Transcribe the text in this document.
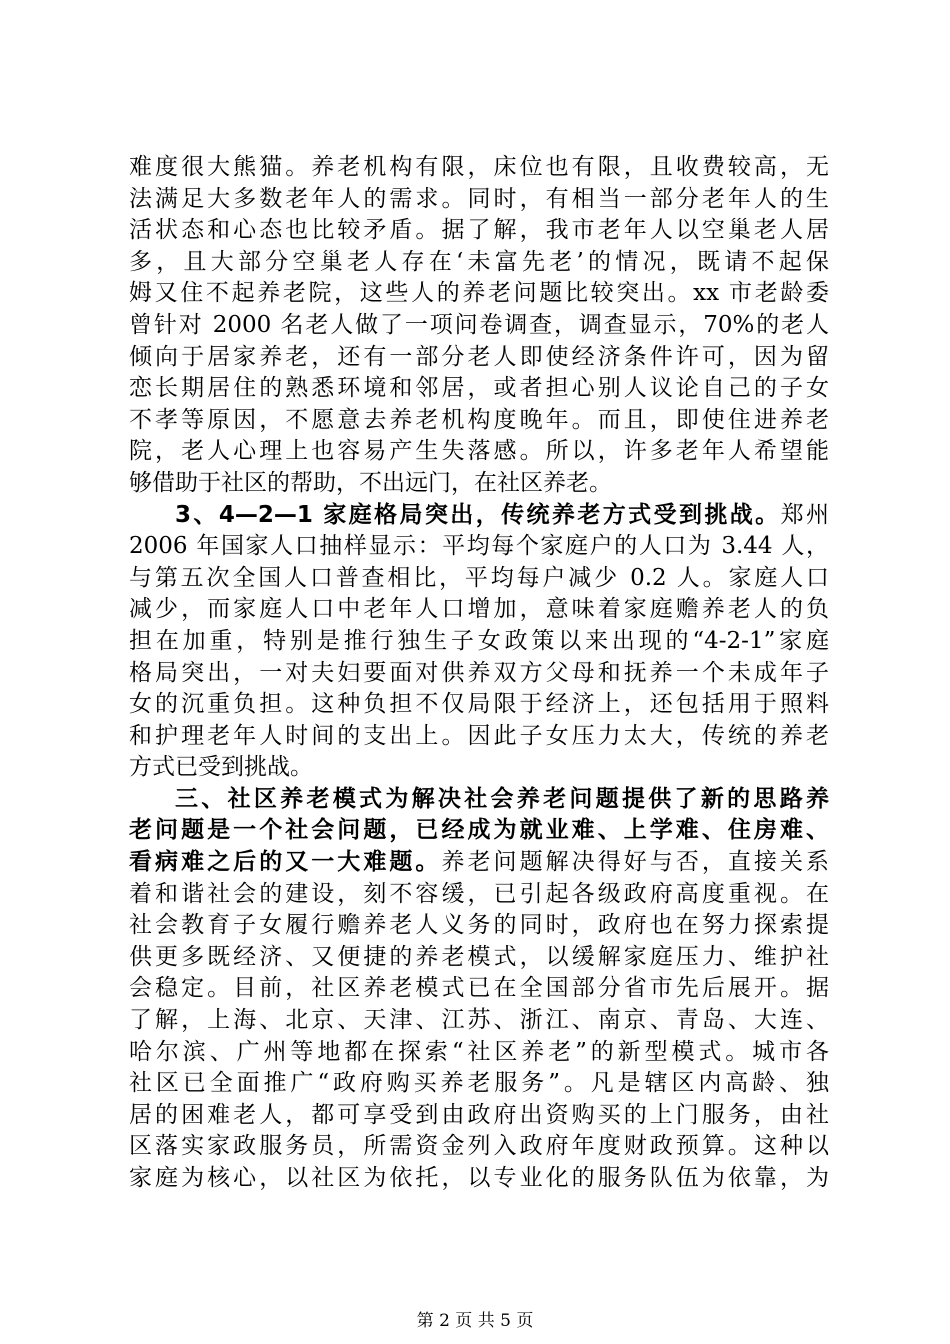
难度很大熊猫。养老机构有限，床位也有限，且收费较高，无
法满足大多数老年人的需求。同时，有相当一部分老年人的生
活状态和心态也比较矛盾。据了解，我市老年人以空巢老人居
多，且大部分空巢老人存在‘未富先老’的情况，既请不起保
姆又住不起养老院，这些人的养老问题比较突出。xx 市老龄委
曾针对 2000 名老人做了一项问卷调查，调查显示，70%的老人
倾向于居家养老，还有一部分老人即使经济条件许可，因为留
恋长期居住的熟悉环境和邻居，或者担心别人议论自己的子女
不孝等原因，不愿意去养老机构度晚年。而且，即使住进养老
院，老人心理上也容易产生失落感。所以，许多老年人希望能
够借助于社区的帮助，不出远门，在社区养老。
3、4—2—1 家庭格局突出，传统养老方式受到挑战。郑州
2006 年国家人口抽样显示：平均每个家庭户的人口为 3.44 人，
与第五次全国人口普查相比，平均每户减少 0.2 人。家庭人口
减少，而家庭人口中老年人口增加，意味着家庭赡养老人的负
担在加重，特别是推行独生子女政策以来出现的“4-2-1”家庭
格局突出，一对夫妇要面对供养双方父母和抚养一个未成年子
女的沉重负担。这种负担不仅局限于经济上，还包括用于照料
和护理老年人时间的支出上。因此子女压力太大，传统的养老
方式已受到挑战。
三、社区养老模式为解决社会养老问题提供了新的思路养
老问题是一个社会问题，已经成为就业难、上学难、住房难、
看病难之后的又一大难题。养老问题解决得好与否，直接关系
着和谐社会的建设，刻不容缓，已引起各级政府高度重视。在
社会教育子女履行赡养老人义务的同时，政府也在努力探索提
供更多既经济、又便捷的养老模式，以缓解家庭压力、维护社
会稳定。目前，社区养老模式已在全国部分省市先后展开。据
了解，上海、北京、天津、江苏、浙江、南京、青岛、大连、
哈尔滨、广州等地都在探索“社区养老”的新型模式。城市各
社区已全面推广“政府购买养老服务”。凡是辖区内高龄、独
居的困难老人，都可享受到由政府出资购买的上门服务，由社
区落实家政服务员，所需资金列入政府年度财政预算。这种以
家庭为核心，以社区为依托，以专业化的服务队伍为依靠，为
第 2 页 共 5 页
